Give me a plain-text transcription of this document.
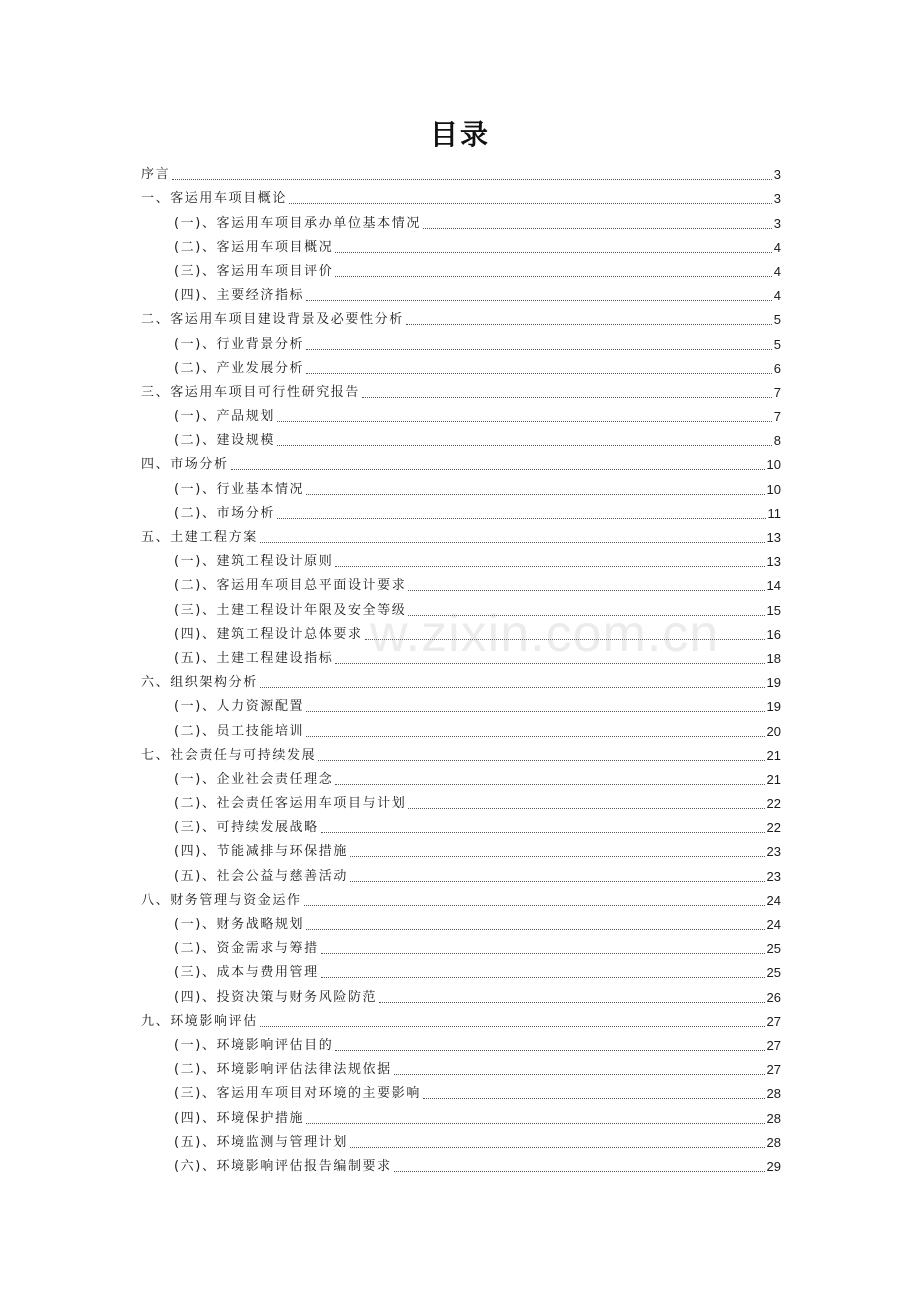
目录
序言	3
一、客运用车项目概论	3
(一)、客运用车项目承办单位基本情况	3
(二)、客运用车项目概况	4
(三)、客运用车项目评价	4
(四)、主要经济指标	4
二、客运用车项目建设背景及必要性分析	5
(一)、行业背景分析	5
(二)、产业发展分析	6
三、客运用车项目可行性研究报告	7
(一)、产品规划	7
(二)、建设规模	8
四、市场分析	10
(一)、行业基本情况	10
(二)、市场分析	11
五、土建工程方案	13
(一)、建筑工程设计原则	13
(二)、客运用车项目总平面设计要求	14
(三)、土建工程设计年限及安全等级	15
(四)、建筑工程设计总体要求	16
(五)、土建工程建设指标	18
六、组织架构分析	19
(一)、人力资源配置	19
(二)、员工技能培训	20
七、社会责任与可持续发展	21
(一)、企业社会责任理念	21
(二)、社会责任客运用车项目与计划	22
(三)、可持续发展战略	22
(四)、节能减排与环保措施	23
(五)、社会公益与慈善活动	23
八、财务管理与资金运作	24
(一)、财务战略规划	24
(二)、资金需求与筹措	25
(三)、成本与费用管理	25
(四)、投资决策与财务风险防范	26
九、环境影响评估	27
(一)、环境影响评估目的	27
(二)、环境影响评估法律法规依据	27
(三)、客运用车项目对环境的主要影响	28
(四)、环境保护措施	28
(五)、环境监测与管理计划	28
(六)、环境影响评估报告编制要求	29
w.zixin.com.cn
